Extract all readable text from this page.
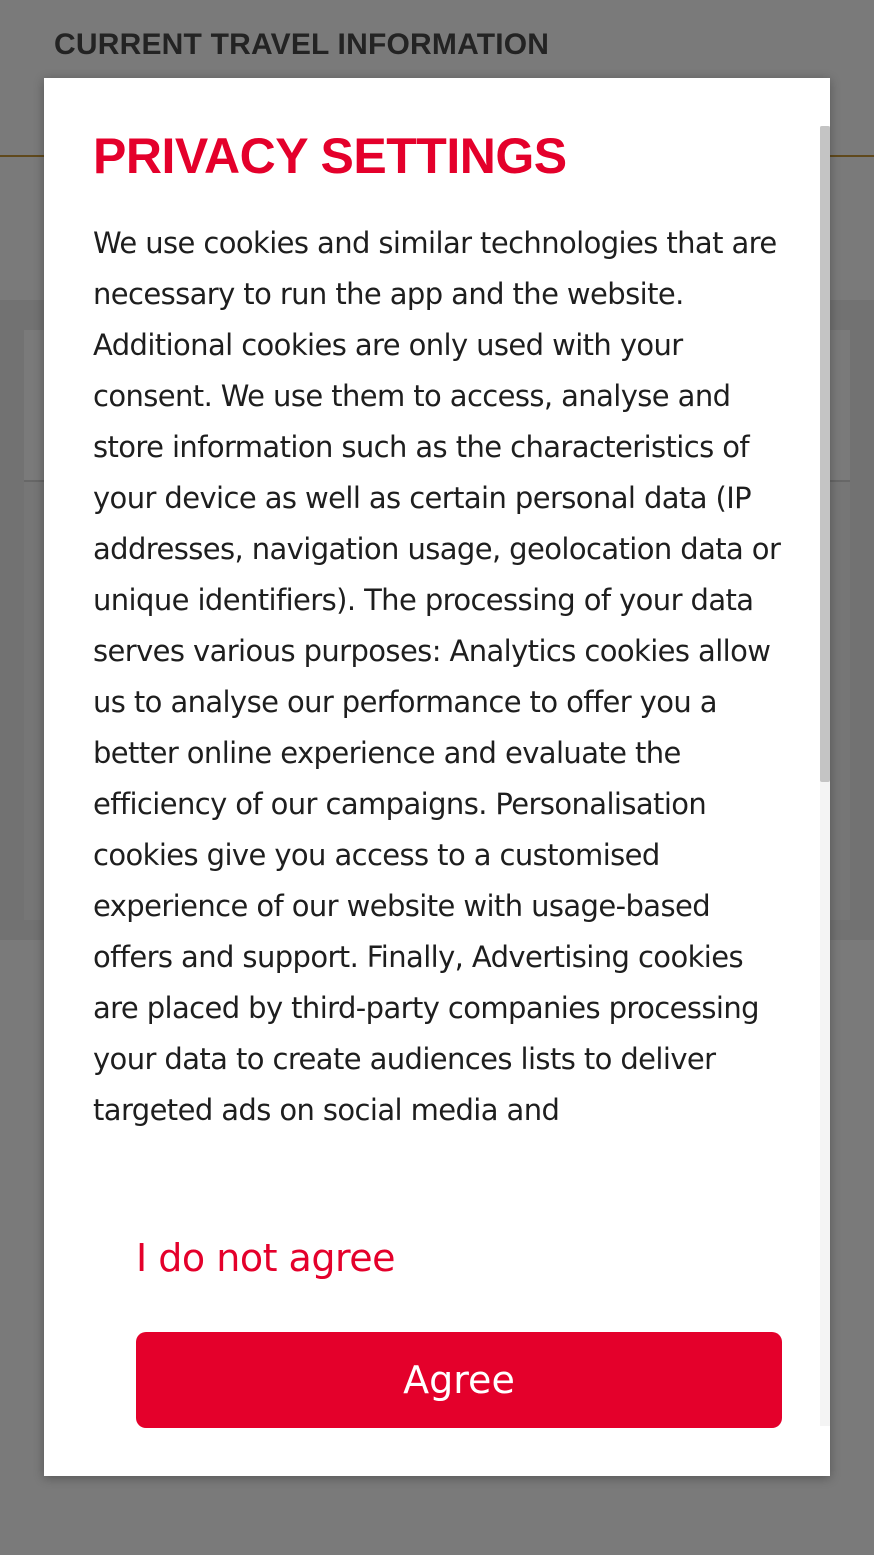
PRIVACY SETTINGS

We use cookies and similar technologies that are necessary to run the app and the website. Additional cookies are only used with your consent. We use them to access, analyse and store information such as the characteristics of your device as well as certain personal data (IP addresses, navigation usage, geolocation data or unique identifiers). The processing of your data serves various purposes: Analytics cookies allow us to analyse our performance to offer you a better online experience and evaluate the efficiency of our campaigns. Personalisation cookies give you access to a customised experience of our website with usage-based offers and support. Finally, Advertising cookies are placed by third-party companies processing your data to create audiences lists to deliver targeted ads on social media and

I do not agree
Agree
